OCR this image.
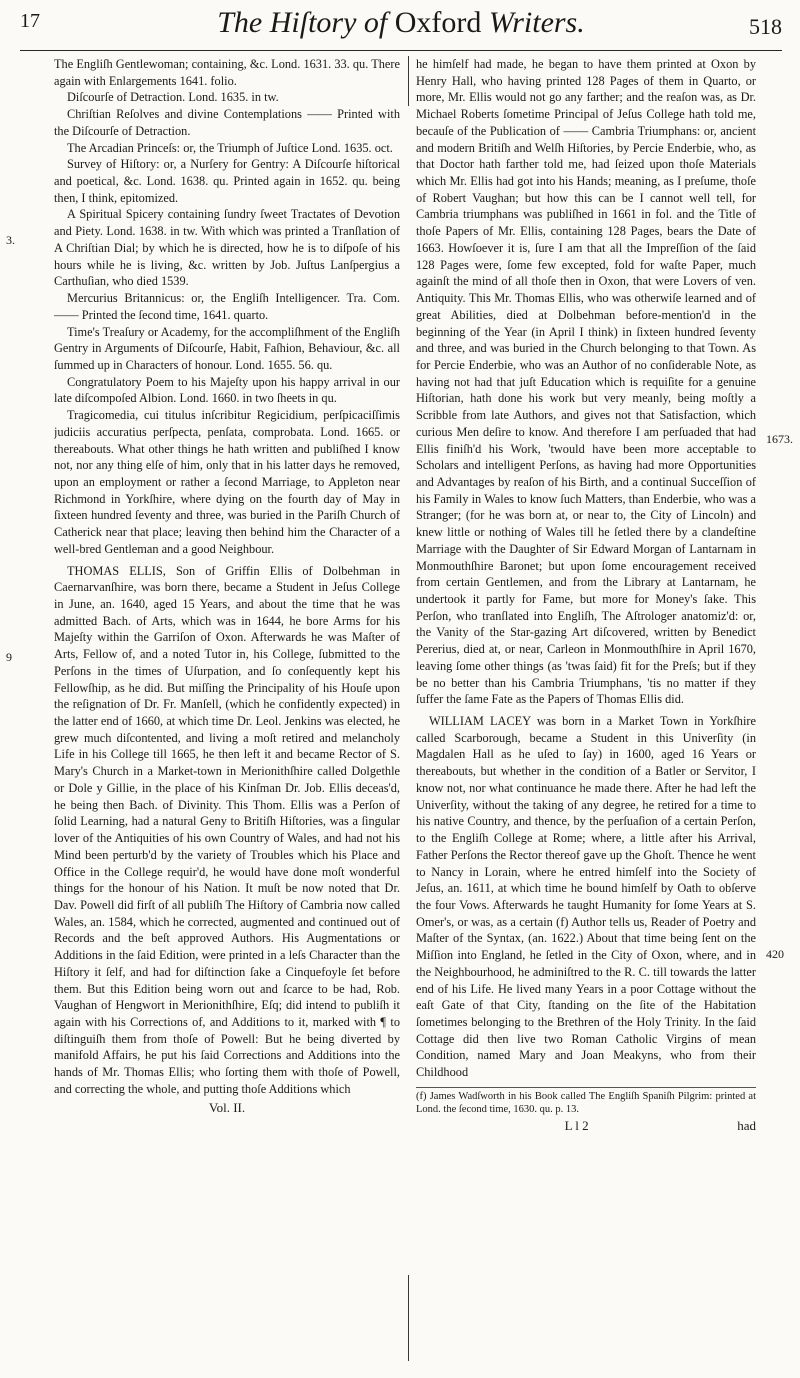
17	The Hiſtory of Oxford Writers.	518
3.
9
1673.
420

The Engliſh Gentlewoman; containing, &c. Lond. 1631. 33. qu. There again with Enlargements 1641. folio.

Diſcourſe of Detraction. Lond. 1635. in tw.

Chriſtian Reſolves and divine Contemplations —— Printed with the Diſcourſe of Detraction.

The Arcadian Princeſs: or, the Triumph of Juſtice Lond. 1635. oct.

Survey of Hiſtory: or, a Nurſery for Gentry: A Diſcourſe hiſtorical and poetical, &c. Lond. 1638. qu. Printed again in 1652. qu. being then, I think, epitomized.

A Spiritual Spicery containing ſundry ſweet Tractates of Devotion and Piety. Lond. 1638. in tw. With which was printed a Tranſlation of A Chriſtian Dial; by which he is directed, how he is to diſpoſe of his hours while he is living, &c. written by Job. Juſtus Lanſpergius a Carthuſian, who died 1539.

Mercurius Britannicus: or, the Engliſh Intelligencer. Tra. Com. —— Printed the ſecond time, 1641. quarto.

Time's Treaſury or Academy, for the accompliſhment of the Engliſh Gentry in Arguments of Diſcourſe, Habit, Faſhion, Behaviour, &c. all ſummed up in Characters of honour. Lond. 1655. 56. qu.

Congratulatory Poem to his Majeſty upon his happy arrival in our late diſcompoſed Albion. Lond. 1660. in two ſheets in qu.

Tragicomedia, cui titulus inſcribitur Regicidium, perſpicaciſſimis judiciis accuratius perſpecta, penſata, comprobata. Lond. 1665. or thereabouts. What other things he hath written and publiſhed I know not, nor any thing elſe of him, only that in his latter days he removed, upon an employment or rather a ſecond Marriage, to Appleton near Richmond in Yorkſhire, where dying on the fourth day of May in ſixteen hundred ſeventy and three, was buried in the Pariſh Church of Catherick near that place; leaving then behind him the Character of a well-bred Gentleman and a good Neighbour.

THOMAS ELLIS, Son of Griffin Ellis of Dolbehman in Caernarvanſhire, was born there, became a Student in Jeſus College in June, an. 1640, aged 15 Years, and about the time that he was admitted Bach. of Arts, which was in 1644, he bore Arms for his Majeſty within the Garriſon of Oxon. Afterwards he was Maſter of Arts, Fellow of, and a noted Tutor in, his College, ſubmitted to the Perſons in the times of Uſurpation, and ſo conſequently kept his Fellowſhip, as he did. But miſſing the Principality of his Houſe upon the reſignation of Dr. Fr. Manſell, (which he confidently expected) in the latter end of 1660, at which time Dr. Leol. Jenkins was elected, he grew much diſcontented, and living a moſt retired and melancholy Life in his College till 1665, he then left it and became Rector of S. Mary's Church in a Market-town in Merionithſhire called Dolgethle or Dole y Gillie, in the place of his Kinſman Dr. Job. Ellis deceas'd, he being then Bach. of Divinity. This Thom. Ellis was a Perſon of ſolid Learning, had a natural Geny to Britiſh Hiſtories, was a ſingular lover of the Antiquities of his own Country of Wales, and had not his Mind been perturb'd by the variety of Troubles which his Place and Office in the College requir'd, he would have done moſt wonderful things for the honour of his Nation. It muſt be now noted that Dr. Dav. Powell did firſt of all publiſh The Hiſtory of Cambria now called Wales, an. 1584, which he corrected, augmented and continued out of Records and the beſt approved Authors. His Augmentations or Additions in the ſaid Edition, were printed in a leſs Character than the Hiſtory it ſelf, and had for diſtinction ſake a Cinquefoyle ſet before them. But this Edition being worn out and ſcarce to be had, Rob. Vaughan of Hengwort in Merionithſhire, Eſq; did intend to publiſh it again with his Corrections of, and Additions to it, marked with ¶ to diſtinguiſh them from thoſe of Powell: But he being diverted by manifold Affairs, he put his ſaid Corrections and Additions into the hands of Mr. Thomas Ellis; who ſorting them with thoſe of Powell, and correcting the whole, and putting thoſe Additions which

Vol. II.

he himſelf had made, he began to have them printed at Oxon by Henry Hall, who having printed 128 Pages of them in Quarto, or more, Mr. Ellis would not go any farther; and the reaſon was, as Dr. Michael Roberts ſometime Principal of Jeſus College hath told me, becauſe of the Publication of —— Cambria Triumphans: or, ancient and modern Britiſh and Welſh Hiſtories, by Percie Enderbie, who, as that Doctor hath farther told me, had ſeized upon thoſe Materials which Mr. Ellis had got into his Hands; meaning, as I preſume, thoſe of Robert Vaughan; but how this can be I cannot well tell, for Cambria triumphans was publiſhed in 1661 in fol. and the Title of thoſe Papers of Mr. Ellis, containing 128 Pages, bears the Date of 1663. Howſoever it is, ſure I am that all the Impreſſion of the ſaid 128 Pages were, ſome few excepted, fold for waſte Paper, much againſt the mind of all thoſe then in Oxon, that were Lovers of ven. Antiquity. This Mr. Thomas Ellis, who was otherwiſe learned and of great Abilities, died at Dolbehman before-mention'd in the beginning of the Year (in April I think) in ſixteen hundred ſeventy and three, and was buried in the Church belonging to that Town. As for Percie Enderbie, who was an Author of no conſiderable Note, as having not had that juſt Education which is requiſite for a genuine Hiſtorian, hath done his work but very meanly, being moſtly a Scribble from late Authors, and gives not that Satisfaction, which curious Men deſire to know. And therefore I am perſuaded that had Ellis finiſh'd his Work, 'twould have been more acceptable to Scholars and intelligent Perſons, as having had more Opportunities and Advantages by reaſon of his Birth, and a continual Succeſſion of his Family in Wales to know ſuch Matters, than Enderbie, who was a Stranger; (for he was born at, or near to, the City of Lincoln) and knew little or nothing of Wales till he ſetled there by a clandeſtine Marriage with the Daughter of Sir Edward Morgan of Lantarnam in Monmouthſhire Baronet; but upon ſome encouragement received from certain Gentlemen, and from the Library at Lantarnam, he undertook it partly for Fame, but more for Money's ſake. This Perſon, who tranſlated into Engliſh, The Aſtrologer anatomiz'd: or, the Vanity of the Star-gazing Art diſcovered, written by Benedict Pererius, died at, or near, Carleon in Monmouthſhire in April 1670, leaving ſome other things (as 'twas ſaid) fit for the Preſs; but if they be no better than his Cambria Triumphans, 'tis no matter if they ſuffer the ſame Fate as the Papers of Thomas Ellis did.

WILLIAM LACEY was born in a Market Town in Yorkſhire called Scarborough, became a Student in this Univerſity (in Magdalen Hall as he uſed to ſay) in 1600, aged 16 Years or thereabouts, but whether in the condition of a Batler or Servitor, I know not, nor what continuance he made there. After he had left the Univerſity, without the taking of any degree, he retired for a time to his native Country, and thence, by the perſuaſion of a certain Perſon, to the Engliſh College at Rome; where, a little after his Arrival, Father Perſons the Rector thereof gave up the Ghoſt. Thence he went to Nancy in Lorain, where he entred himſelf into the Society of Jeſus, an. 1611, at which time he bound himſelf by Oath to obſerve the four Vows. Afterwards he taught Humanity for ſome Years at S. Omer's, or was, as a certain (f) Author tells us, Reader of Poetry and Maſter of the Syntax, (an. 1622.) About that time being ſent on the Miſſion into England, he ſetled in the City of Oxon, where, and in the Neighbourhood, he adminiſtred to the R. C. till towards the latter end of his Life. He lived many Years in a poor Cottage without the eaſt Gate of that City, ſtanding on the ſite of the Habitation ſometimes belonging to the Brethren of the Holy Trinity. In the ſaid Cottage did then live two Roman Catholic Virgins of mean Condition, named Mary and Joan Meakyns, who from their Childhood

(f) James Wadſworth in his Book called The Engliſh Spaniſh Pilgrim: printed at Lond. the ſecond time, 1630. qu. p. 13.
L l 2	had
